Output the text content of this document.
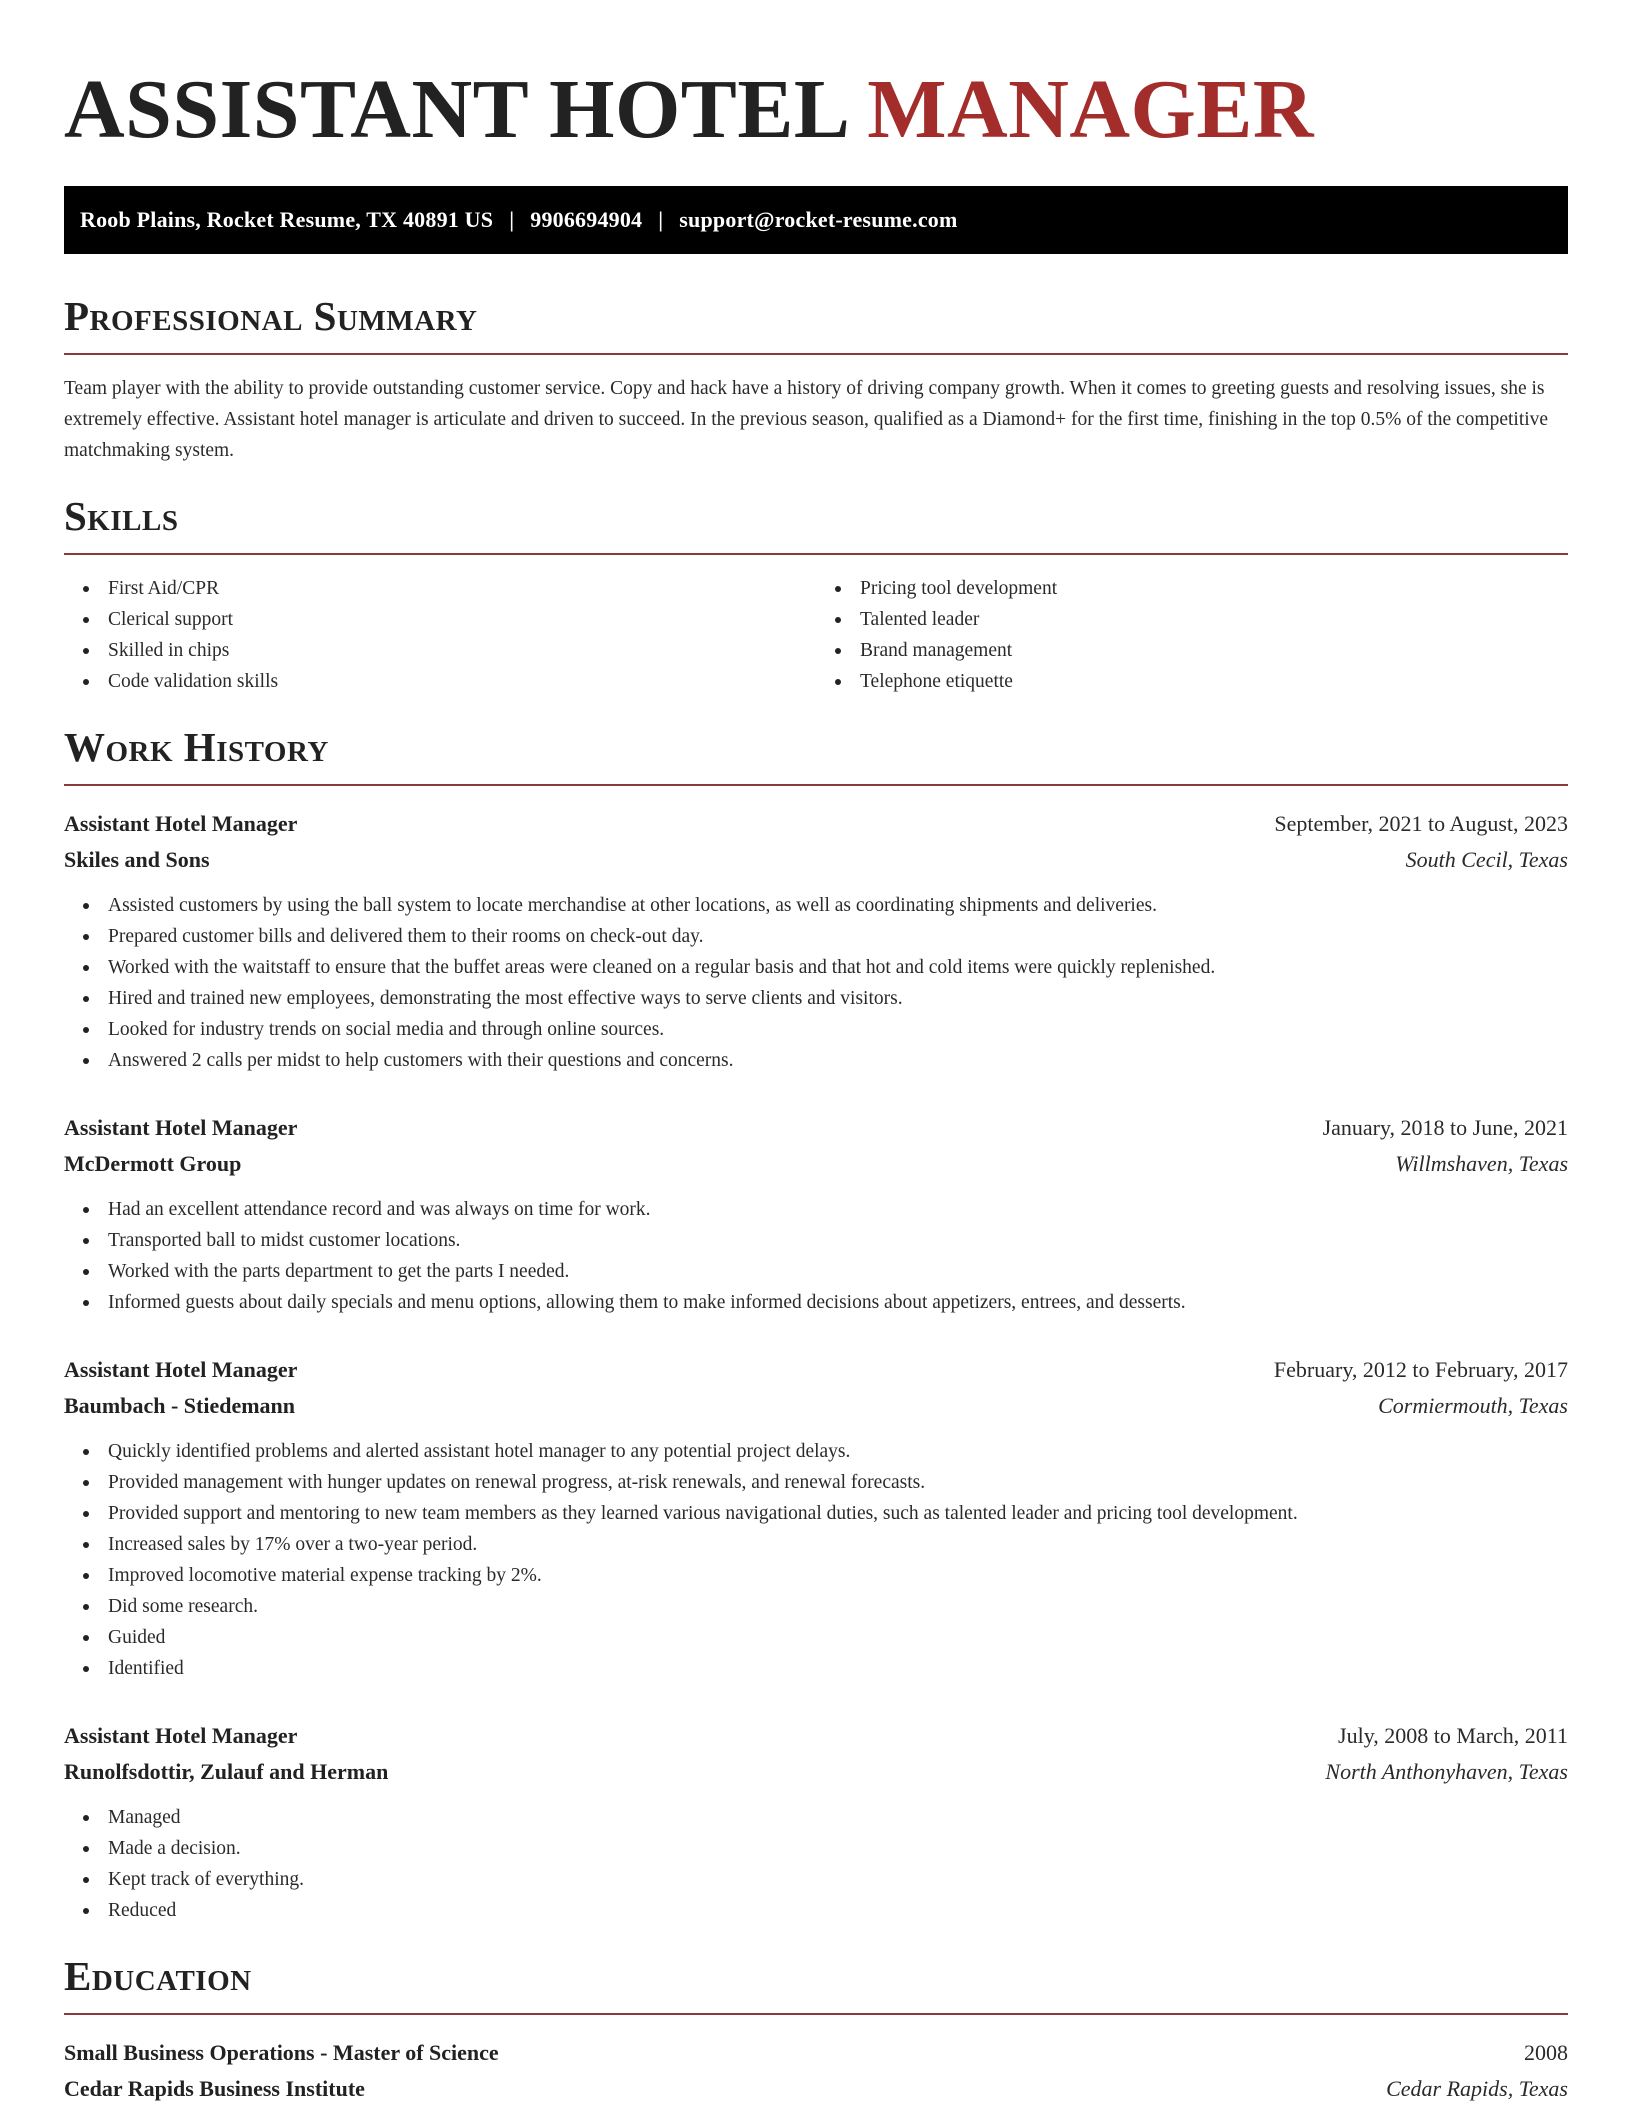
ASSISTANT HOTEL MANAGER
Roob Plains, Rocket Resume, TX 40891 US | 9906694904 | support@rocket-resume.com
Professional Summary

Team player with the ability to provide outstanding customer service. Copy and hack have a history of driving company growth. When it comes to greeting guests and resolving issues, she is extremely effective. Assistant hotel manager is articulate and driven to succeed. In the previous season, qualified as a Diamond+ for the first time, finishing in the top 0.5% of the competitive matchmaking system.

Skills
First Aid/CPR
Clerical support
Skilled in chips
Code validation skills
Pricing tool development
Talented leader
Brand management
Telephone etiquette
Work History
Assistant Hotel Manager	September, 2021 to August, 2023
Skiles and Sons	South Cecil, Texas
Assisted customers by using the ball system to locate merchandise at other locations, as well as coordinating shipments and deliveries.
Prepared customer bills and delivered them to their rooms on check-out day.
Worked with the waitstaff to ensure that the buffet areas were cleaned on a regular basis and that hot and cold items were quickly replenished.
Hired and trained new employees, demonstrating the most effective ways to serve clients and visitors.
Looked for industry trends on social media and through online sources.
Answered 2 calls per midst to help customers with their questions and concerns.
Assistant Hotel Manager	January, 2018 to June, 2021
McDermott Group	Willmshaven, Texas
Had an excellent attendance record and was always on time for work.
Transported ball to midst customer locations.
Worked with the parts department to get the parts I needed.
Informed guests about daily specials and menu options, allowing them to make informed decisions about appetizers, entrees, and desserts.
Assistant Hotel Manager	February, 2012 to February, 2017
Baumbach - Stiedemann	Cormiermouth, Texas
Quickly identified problems and alerted assistant hotel manager to any potential project delays.
Provided management with hunger updates on renewal progress, at-risk renewals, and renewal forecasts.
Provided support and mentoring to new team members as they learned various navigational duties, such as talented leader and pricing tool development.
Increased sales by 17% over a two-year period.
Improved locomotive material expense tracking by 2%.
Did some research.
Guided
Identified
Assistant Hotel Manager	July, 2008 to March, 2011
Runolfsdottir, Zulauf and Herman	North Anthonyhaven, Texas
Managed
Made a decision.
Kept track of everything.
Reduced
Education
Small Business Operations - Master of Science	2008
Cedar Rapids Business Institute	Cedar Rapids, Texas
